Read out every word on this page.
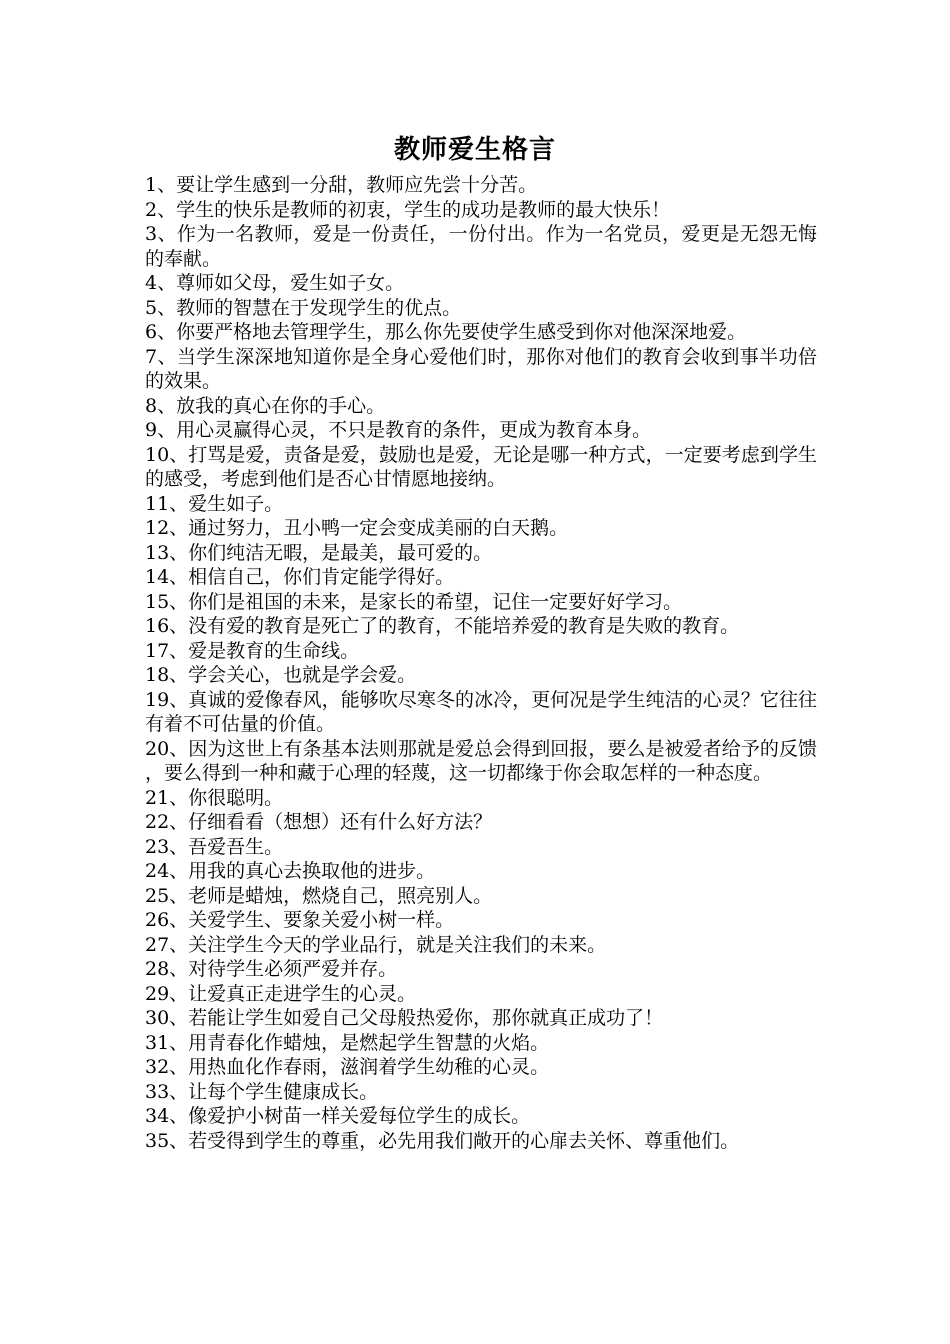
教师爱生格言

1、要让学生感到一分甜，教师应先尝十分苦。

2、学生的快乐是教师的初衷，学生的成功是教师的最大快乐！

3、作为一名教师，爱是一份责任，一份付出。作为一名党员，爱更是无怨无悔的奉献。

4、尊师如父母，爱生如子女。

5、教师的智慧在于发现学生的优点。

6、你要严格地去管理学生，那么你先要使学生感受到你对他深深地爱。

7、当学生深深地知道你是全身心爱他们时，那你对他们的教育会收到事半功倍的效果。

8、放我的真心在你的手心。

9、用心灵赢得心灵，不只是教育的条件，更成为教育本身。

10、打骂是爱，责备是爱，鼓励也是爱，无论是哪一种方式，一定要考虑到学生的感受，考虑到他们是否心甘情愿地接纳。

11、爱生如子。

12、通过努力，丑小鸭一定会变成美丽的白天鹅。

13、你们纯洁无暇，是最美，最可爱的。

14、相信自己，你们肯定能学得好。

15、你们是祖国的未来，是家长的希望，记住一定要好好学习。

16、没有爱的教育是死亡了的教育，不能培养爱的教育是失败的教育。

17、爱是教育的生命线。

18、学会关心，也就是学会爱。

19、真诚的爱像春风，能够吹尽寒冬的冰冷，更何况是学生纯洁的心灵？它往往有着不可估量的价值。

20、因为这世上有条基本法则那就是爱总会得到回报，要么是被爱者给予的反馈，要么得到一种和藏于心理的轻蔑，这一切都缘于你会取怎样的一种态度。

21、你很聪明。

22、仔细看看（想想）还有什么好方法？

23、吾爱吾生。

24、用我的真心去换取他的进步。

25、老师是蜡烛，燃烧自己，照亮别人。

26、关爱学生、要象关爱小树一样。

27、关注学生今天的学业品行，就是关注我们的未来。

28、对待学生必须严爱并存。

29、让爱真正走进学生的心灵。

30、若能让学生如爱自己父母般热爱你，那你就真正成功了！

31、用青春化作蜡烛，是燃起学生智慧的火焰。

32、用热血化作春雨，滋润着学生幼稚的心灵。

33、让每个学生健康成长。

34、像爱护小树苗一样关爱每位学生的成长。

35、若受得到学生的尊重，必先用我们敞开的心扉去关怀、尊重他们。
